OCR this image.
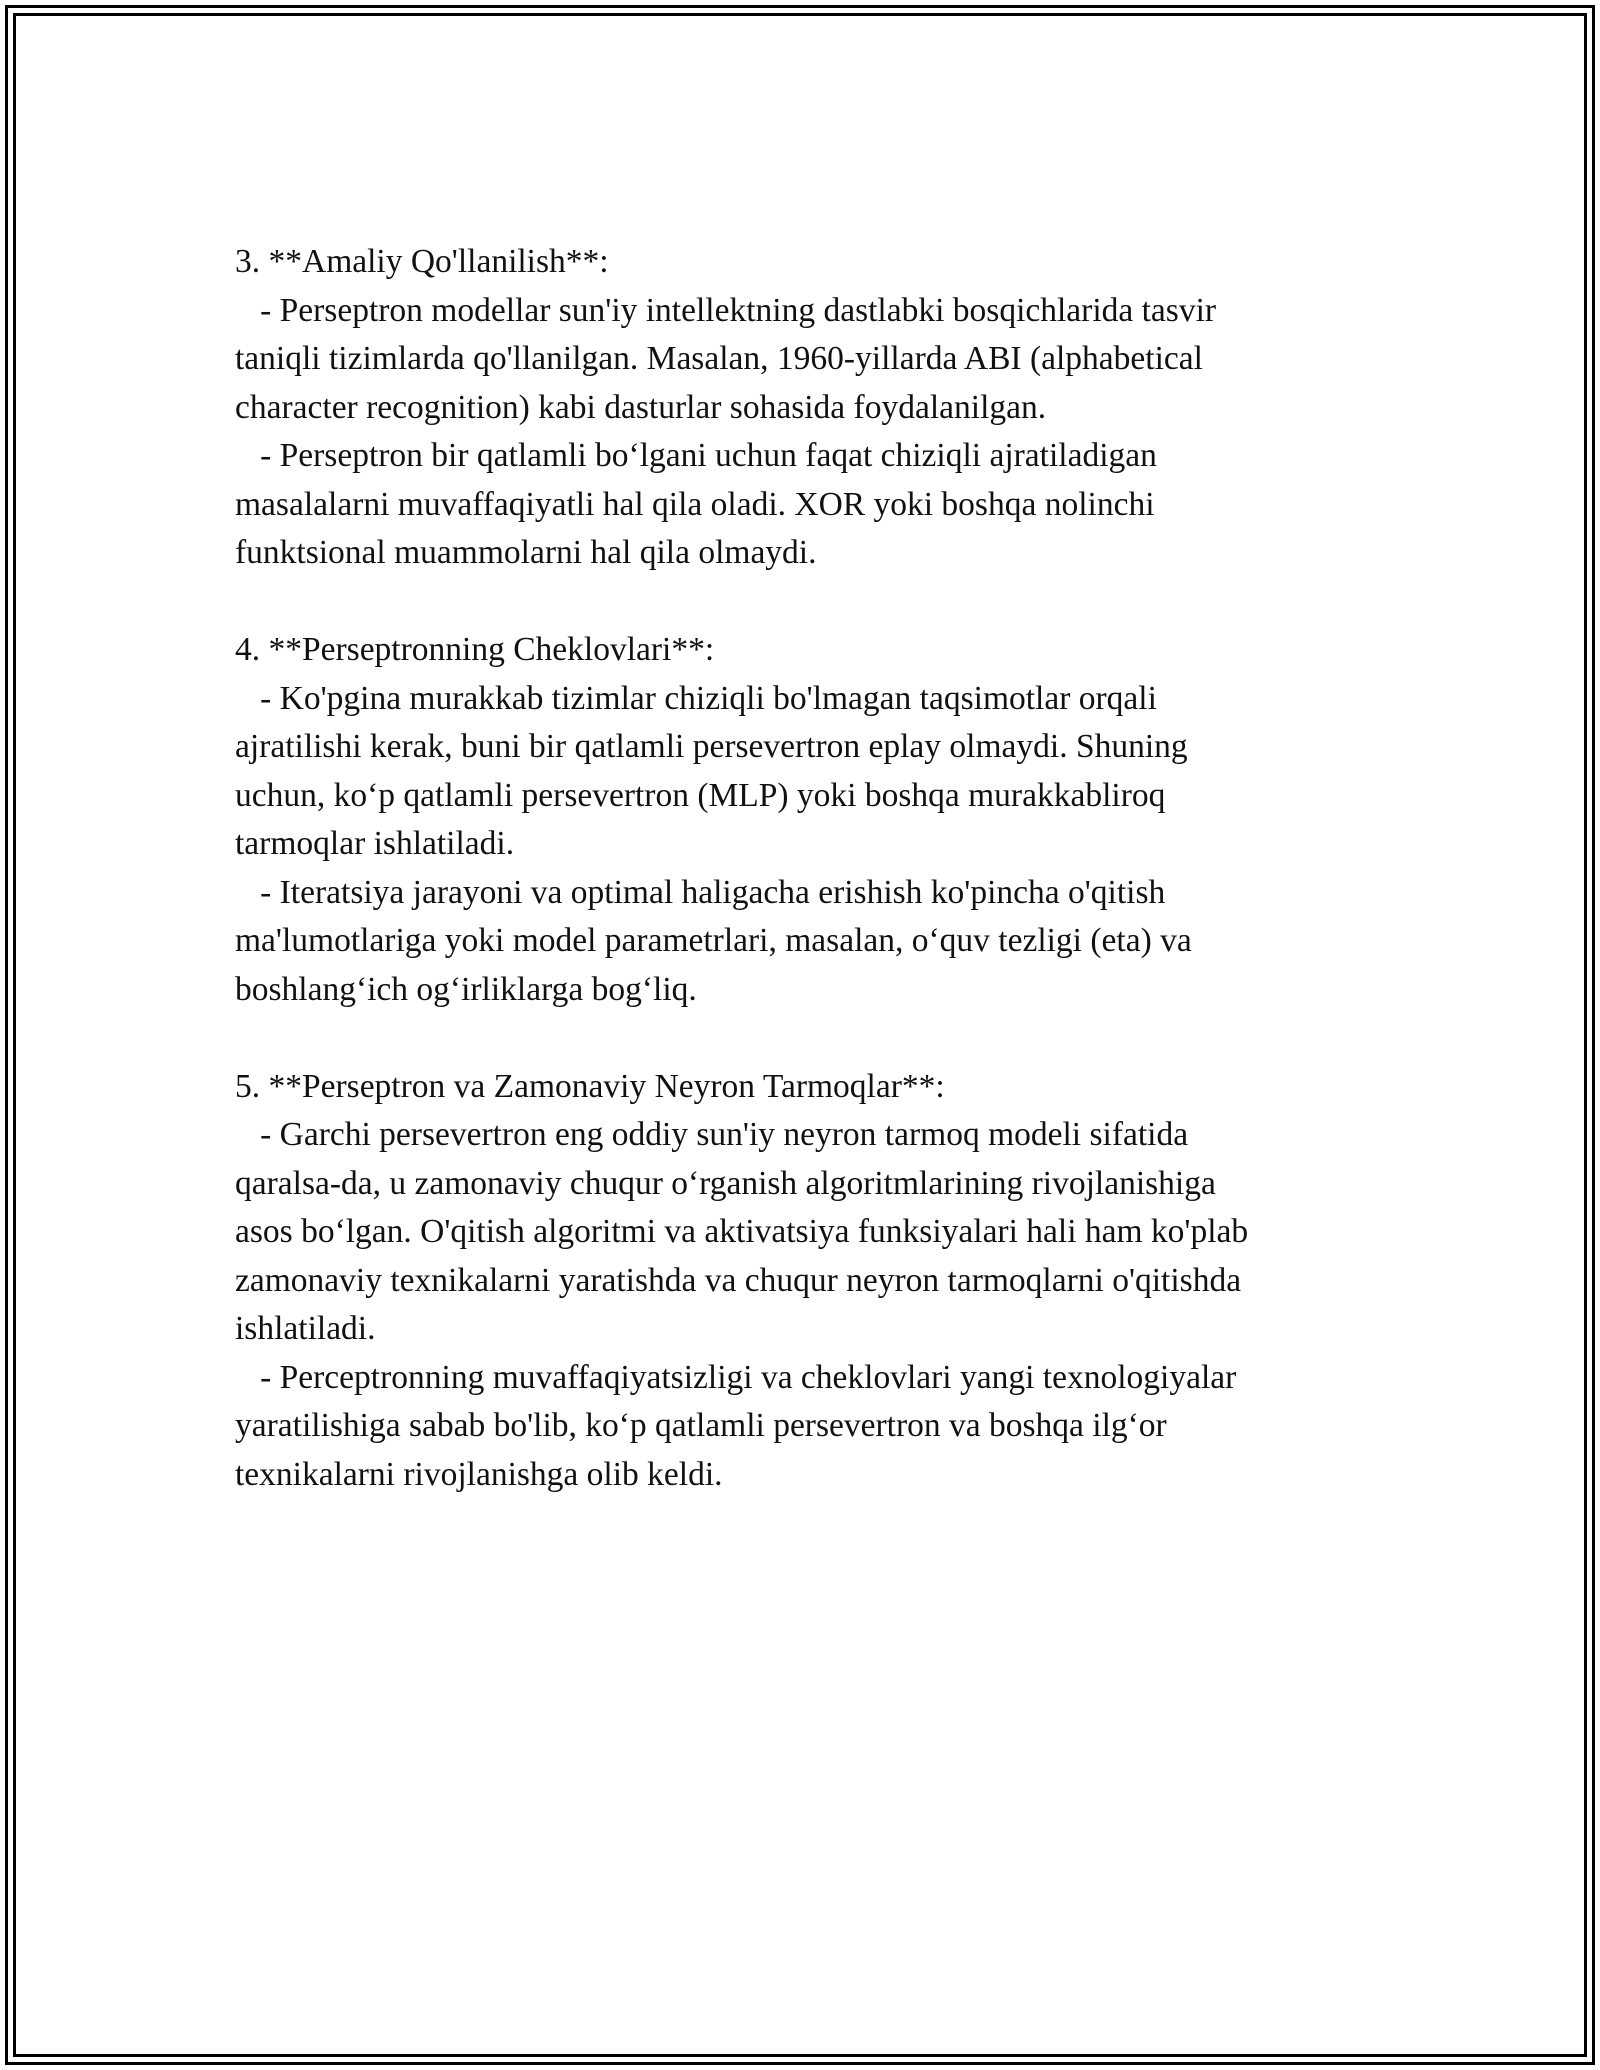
3. **Amaliy Qo'llanilish**:
- Perseptron modellar sun'iy intellektning dastlabki bosqichlarida tasvir
taniqli tizimlarda qo'llanilgan. Masalan, 1960-yillarda ABI (alphabetical
character recognition) kabi dasturlar sohasida foydalanilgan.
- Perseptron bir qatlamli bo‘lgani uchun faqat chiziqli ajratiladigan
masalalarni muvaffaqiyatli hal qila oladi. XOR yoki boshqa nolinchi
funktsional muammolarni hal qila olmaydi.
4. **Perseptronning Cheklovlari**:
- Ko'pgina murakkab tizimlar chiziqli bo'lmagan taqsimotlar orqali
ajratilishi kerak, buni bir qatlamli persevertron eplay olmaydi. Shuning
uchun, ko‘p qatlamli persevertron (MLP) yoki boshqa murakkabliroq
tarmoqlar ishlatiladi.
- Iteratsiya jarayoni va optimal haligacha erishish ko'pincha o'qitish
ma'lumotlariga yoki model parametrlari, masalan, o‘quv tezligi (eta) va
boshlang‘ich og‘irliklarga bog‘liq.
5. **Perseptron va Zamonaviy Neyron Tarmoqlar**:
- Garchi persevertron eng oddiy sun'iy neyron tarmoq modeli sifatida
qaralsa-da, u zamonaviy chuqur o‘rganish algoritmlarining rivojlanishiga
asos bo‘lgan. O'qitish algoritmi va aktivatsiya funksiyalari hali ham ko'plab
zamonaviy texnikalarni yaratishda va chuqur neyron tarmoqlarni o'qitishda
ishlatiladi.
- Perceptronning muvaffaqiyatsizligi va cheklovlari yangi texnologiyalar
yaratilishiga sabab bo'lib, ko‘p qatlamli persevertron va boshqa ilg‘or
texnikalarni rivojlanishga olib keldi.
